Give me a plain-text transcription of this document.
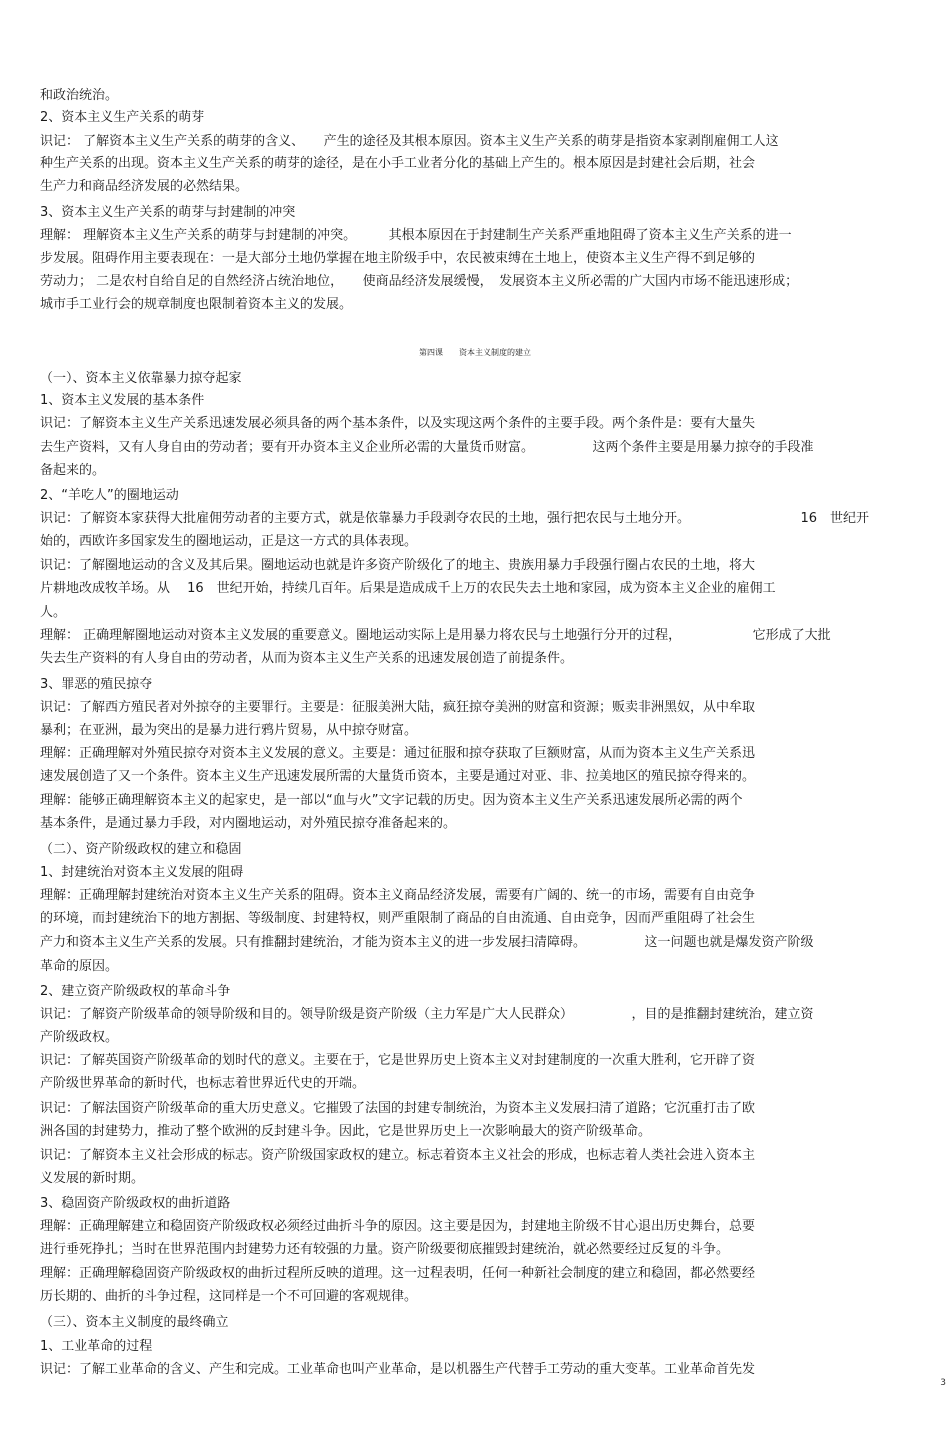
和政治统治。
2、资本主义生产关系的萌芽
识记： 了解资本主义生产关系的萌芽的含义、　　产生的途径及其根本原因。资本主义生产关系的萌芽是指资本家剥削雇佣工人这
种生产关系的出现。资本主义生产关系的萌芽的途径，是在小手工业者分化的基础上产生的。根本原因是封建社会后期，社会
生产力和商品经济发展的必然结果。
3、资本主义生产关系的萌芽与封建制的冲突
理解： 理解资本主义生产关系的萌芽与封建制的冲突。　　　其根本原因在于封建制生产关系严重地阻碍了资本主义生产关系的进一
步发展。阻碍作用主要表现在：一是大部分土地仍掌握在地主阶级手中，农民被束缚在土地上，使资本主义生产得不到足够的
劳动力； 二是农村自给自足的自然经济占统治地位，　　使商品经济发展缓慢，　发展资本主义所必需的广大国内市场不能迅速形成；
城市手工业行会的规章制度也限制着资本主义的发展。
第四课　　资本主义制度的建立
（一）、资本主义依靠暴力掠夺起家
1、资本主义发展的基本条件
识记：了解资本主义生产关系迅速发展必须具备的两个基本条件，以及实现这两个条件的主要手段。两个条件是：要有大量失
去生产资料，又有人身自由的劳动者；要有开办资本主义企业所必需的大量货币财富。　　　　　这两个条件主要是用暴力掠夺的手段准
备起来的。
2、“羊吃人”的圈地运动
识记：了解资本家获得大批雇佣劳动者的主要方式，就是依靠暴力手段剥夺农民的土地，强行把农民与土地分开。　　　　　　　　　16　世纪开
始的，西欧许多国家发生的圈地运动，正是这一方式的具体表现。
识记：了解圈地运动的含义及其后果。圈地运动也就是许多资产阶级化了的地主、贵族用暴力手段强行圈占农民的土地，将大
片耕地改成牧羊场。从　 16　世纪开始，持续几百年。后果是造成成千上万的农民失去土地和家园，成为资本主义企业的雇佣工
人。
理解： 正确理解圈地运动对资本主义发展的重要意义。圈地运动实际上是用暴力将农民与土地强行分开的过程，　　　　　　它形成了大批
失去生产资料的有人身自由的劳动者，从而为资本主义生产关系的迅速发展创造了前提条件。
3、罪恶的殖民掠夺
识记：了解西方殖民者对外掠夺的主要罪行。主要是：征服美洲大陆，疯狂掠夺美洲的财富和资源；贩卖非洲黑奴，从中牟取
暴利；在亚洲，最为突出的是暴力进行鸦片贸易，从中掠夺财富。
理解：正确理解对外殖民掠夺对资本主义发展的意义。主要是：通过征服和掠夺获取了巨额财富，从而为资本主义生产关系迅
速发展创造了又一个条件。资本主义生产迅速发展所需的大量货币资本，主要是通过对亚、非、拉美地区的殖民掠夺得来的。
理解：能够正确理解资本主义的起家史，是一部以“血与火”文字记载的历史。因为资本主义生产关系迅速发展所必需的两个
基本条件，是通过暴力手段，对内圈地运动，对外殖民掠夺准备起来的。
（二）、资产阶级政权的建立和稳固
1、封建统治对资本主义发展的阻碍
理解：正确理解封建统治对资本主义生产关系的阻碍。资本主义商品经济发展，需要有广阔的、统一的市场，需要有自由竞争
的环境，而封建统治下的地方割据、等级制度、封建特权，则严重限制了商品的自由流通、自由竞争，因而严重阻碍了社会生
产力和资本主义生产关系的发展。只有推翻封建统治，才能为资本主义的进一步发展扫清障碍。　　　　　这一问题也就是爆发资产阶级
革命的原因。
2、建立资产阶级政权的革命斗争
识记：了解资产阶级革命的领导阶级和目的。领导阶级是资产阶级（主力军是广大人民群众）　　　　　，目的是推翻封建统治，建立资
产阶级政权。
识记：了解英国资产阶级革命的划时代的意义。主要在于，它是世界历史上资本主义对封建制度的一次重大胜利，它开辟了资
产阶级世界革命的新时代，也标志着世界近代史的开端。
识记：了解法国资产阶级革命的重大历史意义。它摧毁了法国的封建专制统治，为资本主义发展扫清了道路；它沉重打击了欧
洲各国的封建势力，推动了整个欧洲的反封建斗争。因此，它是世界历史上一次影响最大的资产阶级革命。
识记：了解资本主义社会形成的标志。资产阶级国家政权的建立。标志着资本主义社会的形成，也标志着人类社会进入资本主
义发展的新时期。
3、稳固资产阶级政权的曲折道路
理解：正确理解建立和稳固资产阶级政权必须经过曲折斗争的原因。这主要是因为，封建地主阶级不甘心退出历史舞台，总要
进行垂死挣扎；当时在世界范围内封建势力还有较强的力量。资产阶级要彻底摧毁封建统治，就必然要经过反复的斗争。
理解：正确理解稳固资产阶级政权的曲折过程所反映的道理。这一过程表明，任何一种新社会制度的建立和稳固，都必然要经
历长期的、曲折的斗争过程，这同样是一个不可回避的客观规律。
（三）、资本主义制度的最终确立
1、工业革命的过程
识记：了解工业革命的含义、产生和完成。工业革命也叫产业革命，是以机器生产代替手工劳动的重大变革。工业革命首先发
3
